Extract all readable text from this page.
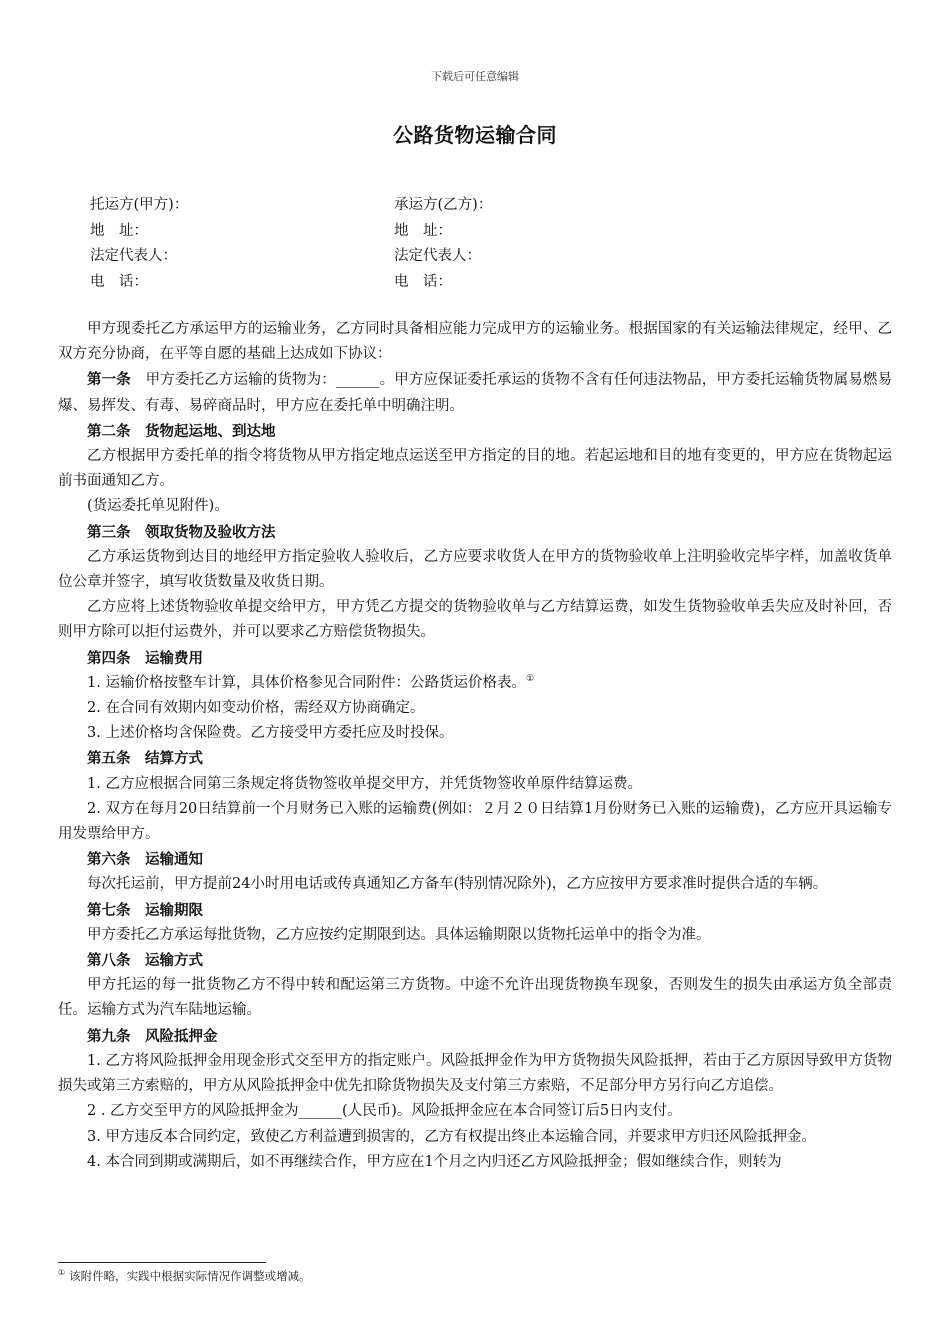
下载后可任意编辑
公路货物运输合同
托运方(甲方)：	承运方(乙方)：
地　址：	地　址：
法定代表人：	法定代表人：
电　话：	电　话：

甲方现委托乙方承运甲方的运输业务，乙方同时具备相应能力完成甲方的运输业务。根据国家的有关运输法律规定，经甲、乙双方充分协商，在平等自愿的基础上达成如下协议：

第一条　甲方委托乙方运输的货物为：______。甲方应保证委托承运的货物不含有任何违法物品，甲方委托运输货物属易燃易爆、易挥发、有毒、易碎商品时，甲方应在委托单中明确注明。

第二条　货物起运地、到达地

乙方根据甲方委托单的指令将货物从甲方指定地点运送至甲方指定的目的地。若起运地和目的地有变更的，甲方应在货物起运前书面通知乙方。

(货运委托单见附件)。

第三条　领取货物及验收方法

乙方承运货物到达目的地经甲方指定验收人验收后，乙方应要求收货人在甲方的货物验收单上注明验收完毕字样，加盖收货单位公章并签字，填写收货数量及收货日期。

乙方应将上述货物验收单提交给甲方，甲方凭乙方提交的货物验收单与乙方结算运费，如发生货物验收单丢失应及时补回，否则甲方除可以拒付运费外，并可以要求乙方赔偿货物损失。

第四条　运输费用

1. 运输价格按整车计算，具体价格参见合同附件：公路货运价格表。①

2. 在合同有效期内如变动价格，需经双方协商确定。

3. 上述价格均含保险费。乙方接受甲方委托应及时投保。

第五条　结算方式

1. 乙方应根据合同第三条规定将货物签收单提交甲方，并凭货物签收单原件结算运费。

2. 双方在每月20日结算前一个月财务已入账的运输费(例如：２月２０日结算1月份财务已入账的运输费)，乙方应开具运输专用发票给甲方。

第六条　运输通知

每次托运前，甲方提前24小时用电话或传真通知乙方备车(特别情况除外)，乙方应按甲方要求准时提供合适的车辆。

第七条　运输期限

甲方委托乙方承运每批货物，乙方应按约定期限到达。具体运输期限以货物托运单中的指令为准。

第八条　运输方式

甲方托运的每一批货物乙方不得中转和配运第三方货物。中途不允许出现货物换车现象，否则发生的损失由承运方负全部责任。运输方式为汽车陆地运输。

第九条　风险抵押金

1. 乙方将风险抵押金用现金形式交至甲方的指定账户。风险抵押金作为甲方货物损失风险抵押，若由于乙方原因导致甲方货物损失或第三方索赔的，甲方从风险抵押金中优先扣除货物损失及支付第三方索赔，不足部分甲方另行向乙方追偿。

2 . 乙方交至甲方的风险抵押金为______(人民币)。风险抵押金应在本合同签订后5日内支付。

3. 甲方违反本合同约定，致使乙方利益遭到损害的，乙方有权提出终止本运输合同，并要求甲方归还风险抵押金。

4. 本合同到期或满期后，如不再继续合作，甲方应在1个月之内归还乙方风险抵押金；假如继续合作，则转为

① 该附件略，实践中根据实际情况作调整或增减。
